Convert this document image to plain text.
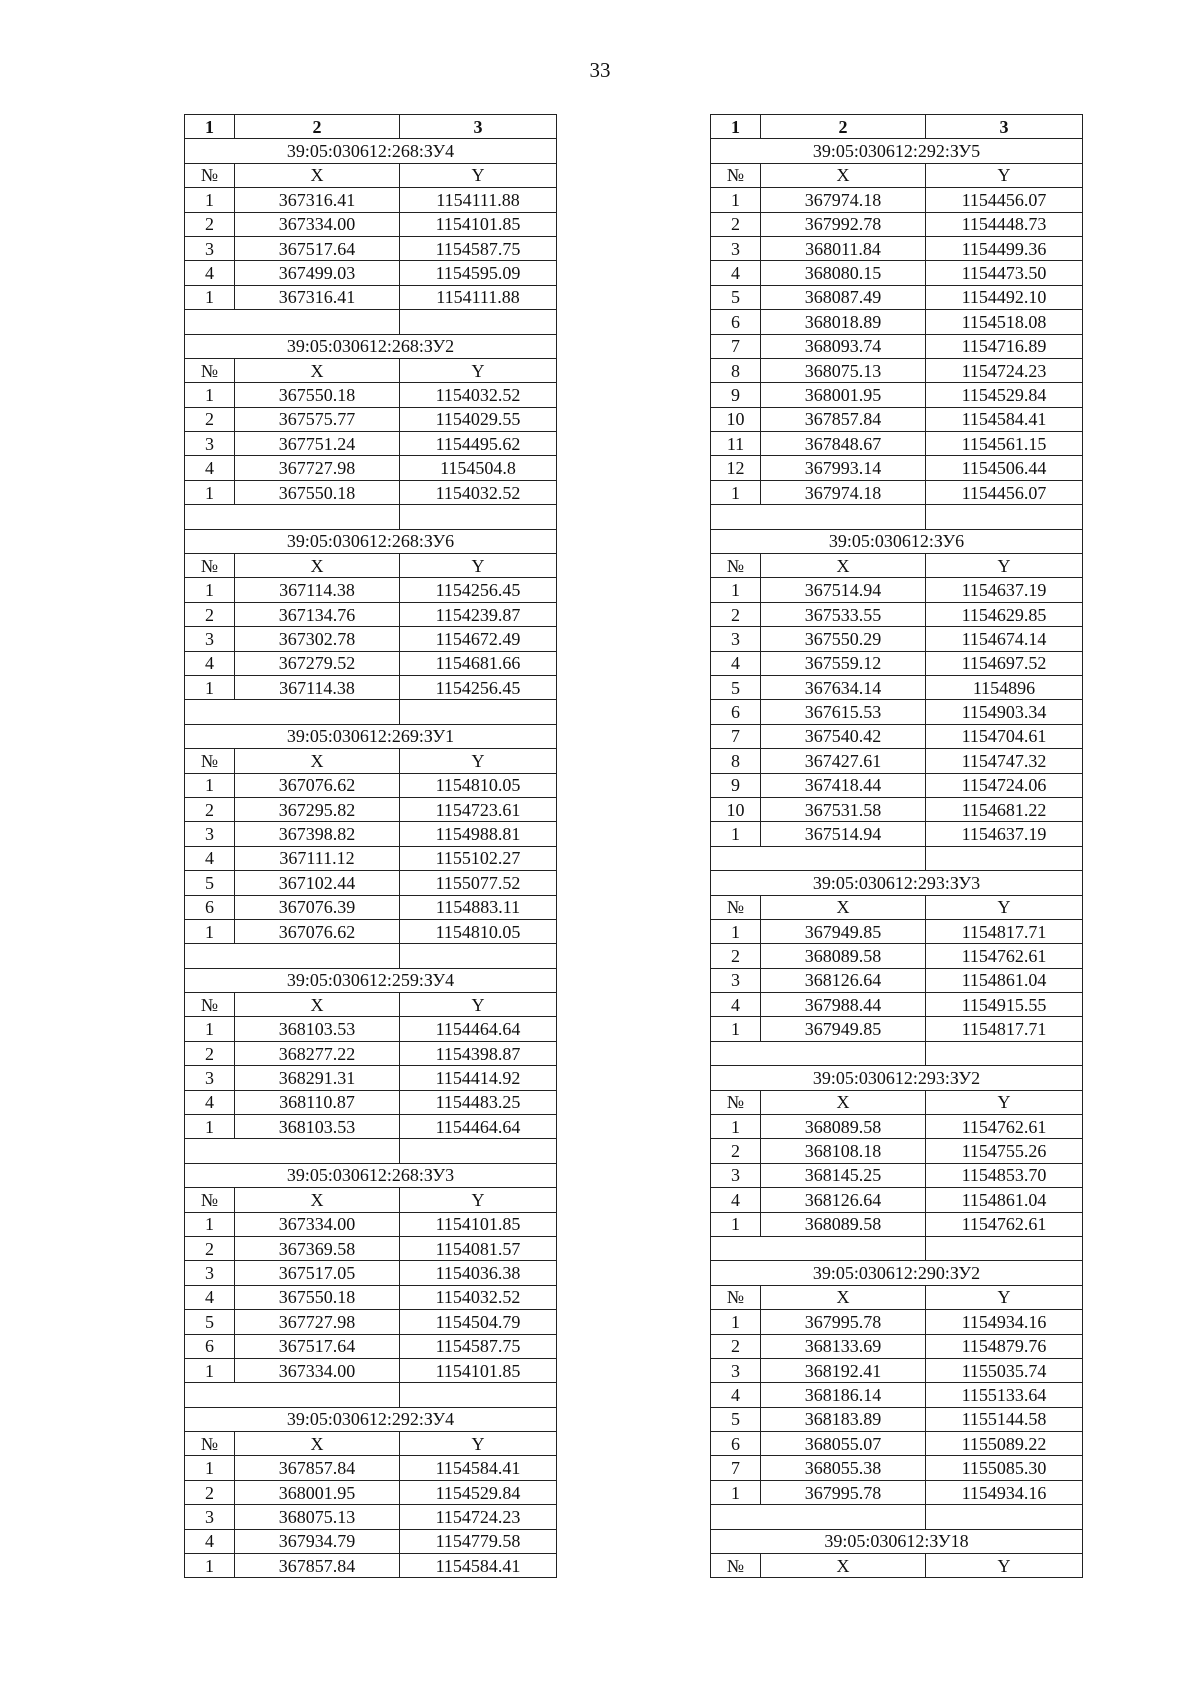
33
1	2	3
39:05:030612:268:ЗУ4		
№	X	Y
1	367316.41	1154111.88
2	367334.00	1154101.85
3	367517.64	1154587.75
4	367499.03	1154595.09
1	367316.41	1154111.88

39:05:030612:268:ЗУ2		
№	X	Y
1	367550.18	1154032.52
2	367575.77	1154029.55
3	367751.24	1154495.62
4	367727.98	1154504.8
1	367550.18	1154032.52

39:05:030612:268:ЗУ6		
№	X	Y
1	367114.38	1154256.45
2	367134.76	1154239.87
3	367302.78	1154672.49
4	367279.52	1154681.66
1	367114.38	1154256.45

39:05:030612:269:ЗУ1		
№	X	Y
1	367076.62	1154810.05
2	367295.82	1154723.61
3	367398.82	1154988.81
4	367111.12	1155102.27
5	367102.44	1155077.52
6	367076.39	1154883.11
1	367076.62	1154810.05

39:05:030612:259:ЗУ4		
№	X	Y
1	368103.53	1154464.64
2	368277.22	1154398.87
3	368291.31	1154414.92
4	368110.87	1154483.25
1	368103.53	1154464.64

39:05:030612:268:ЗУ3		
№	X	Y
1	367334.00	1154101.85
2	367369.58	1154081.57
3	367517.05	1154036.38
4	367550.18	1154032.52
5	367727.98	1154504.79
6	367517.64	1154587.75
1	367334.00	1154101.85

39:05:030612:292:ЗУ4		
№	X	Y
1	367857.84	1154584.41
2	368001.95	1154529.84
3	368075.13	1154724.23
4	367934.79	1154779.58
1	367857.84	1154584.41
1	2	3
39:05:030612:292:ЗУ5		
№	X	Y
1	367974.18	1154456.07
2	367992.78	1154448.73
3	368011.84	1154499.36
4	368080.15	1154473.50
5	368087.49	1154492.10
6	368018.89	1154518.08
7	368093.74	1154716.89
8	368075.13	1154724.23
9	368001.95	1154529.84
10	367857.84	1154584.41
11	367848.67	1154561.15
12	367993.14	1154506.44
1	367974.18	1154456.07

39:05:030612:ЗУ6		
№	X	Y
1	367514.94	1154637.19
2	367533.55	1154629.85
3	367550.29	1154674.14
4	367559.12	1154697.52
5	367634.14	1154896
6	367615.53	1154903.34
7	367540.42	1154704.61
8	367427.61	1154747.32
9	367418.44	1154724.06
10	367531.58	1154681.22
1	367514.94	1154637.19

39:05:030612:293:ЗУ3		
№	X	Y
1	367949.85	1154817.71
2	368089.58	1154762.61
3	368126.64	1154861.04
4	367988.44	1154915.55
1	367949.85	1154817.71

39:05:030612:293:ЗУ2		
№	X	Y
1	368089.58	1154762.61
2	368108.18	1154755.26
3	368145.25	1154853.70
4	368126.64	1154861.04
1	368089.58	1154762.61

39:05:030612:290:ЗУ2		
№	X	Y
1	367995.78	1154934.16
2	368133.69	1154879.76
3	368192.41	1155035.74
4	368186.14	1155133.64
5	368183.89	1155144.58
6	368055.07	1155089.22
7	368055.38	1155085.30
1	367995.78	1154934.16

39:05:030612:ЗУ18		
№	X	Y
